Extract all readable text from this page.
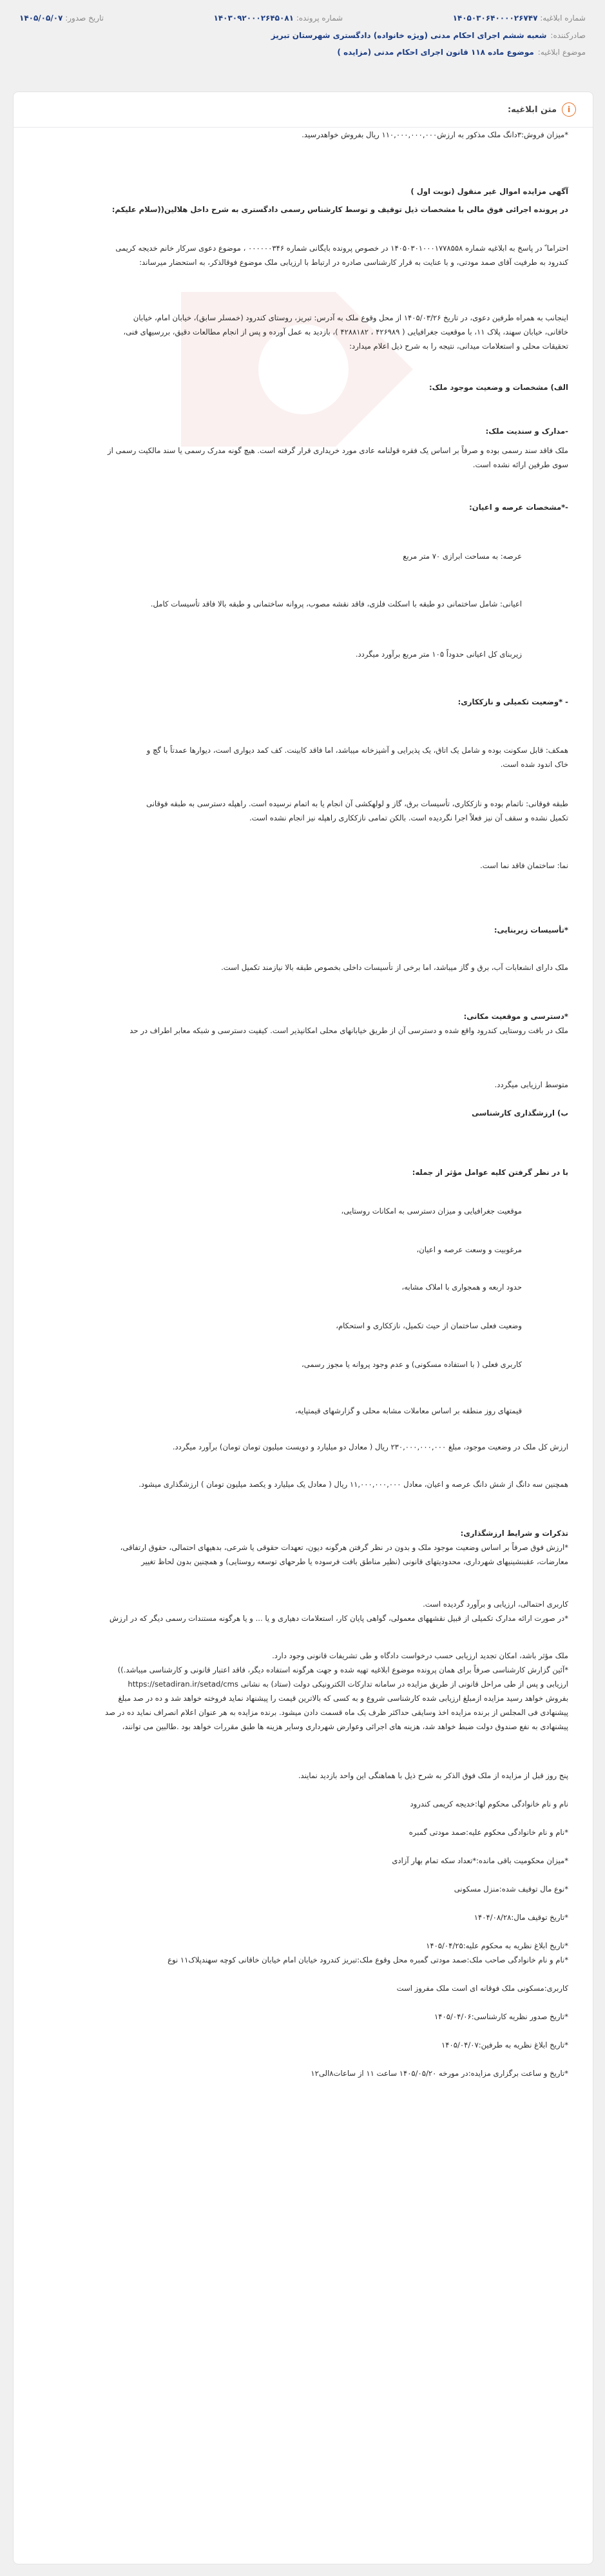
شماره ابلاغیه: ۱۴۰۵۰۳۰۶۴۰۰۰۰۲۶۷۴۷
شماره پرونده: ۱۴۰۳۰۹۲۰۰۰۲۶۴۵۰۸۱
تاریخ صدور: ۱۴۰۵/۰۵/۰۷
صادرکننده:
شعبه ششم اجرای احکام مدنی (ویژه خانواده) دادگستری شهرستان تبریز
موضوع ابلاغیه:
موضوع ماده ۱۱۸ قانون اجرای احکام مدنی (مزایده )
i
متن ابلاغیه:
آگهی مزایده اموال غیر منقول (نوبت اول )
در پرونده اجرائی فوق مالی با مشخصات ذیل توقیف و توسط کارشناس رسمی دادگستری به شرح داخل هلالین((سلام علیکم:
احتراما ً در پاسخ به ابلاغیه شماره ۱۴۰۵۰۳۰۱۰۰۰۱۷۷۸۵۵۸ در خصوص پرونده بایگانی شماره ۰۰۰۰۰۰۳۴۶ ، موضوع دعوی سرکار خانم خدیجه کریمی
کندرود به طرفیت آقای صمد مودتی، و با عنایت به قرار کارشناسی صادره در ارتباط با ارزیابی ملک موضوع فوقالذکر، به استحضار میرساند:
اینجانب به همراه طرفین دعوی، در تاریخ ۱۴۰۵/۰۳/۲۶ از محل وقوع ملک به آدرس: تبریز، روستای کندرود (خمسلر سابق)، خیابان امام، خیابان
خاقانی، خیابان سهند، پلاک ۱۱، با موقعیت جغرافیایی ( ۴۲۶۹۸۹ ، ۴۲۸۸۱۸۲ )، بازدید به عمل آورده و پس از انجام مطالعات دقیق، بررسیهای فنی،
تحقیقات محلی و استعلامات میدانی، نتیجه را به شرح ذیل اعلام میدارد:
الف) مشخصات و وضعیت موجود ملک:
-مدارک و سندیت ملک:
ملک فاقد سند رسمی بوده و صرفاً بر اساس یک فقره قولنامه عادی مورد خریداری قرار گرفته است. هیچ گونه مدرک رسمی یا سند مالکیت رسمی از
سوی طرفین ارائه نشده است.
-*مشخصات عرصه و اعیان:
عرصه: به مساحت ابرازی ۷۰ متر مربع
اعیانی: شامل ساختمانی دو طبقه با اسکلت فلزی، فاقد نقشه مصوب، پروانه ساختمانی و طبقه بالا فاقد تأسیسات کامل.
زیربنای کل اعیانی حدوداً ۱۰۵ متر مربع برآورد میگردد.
- *وضعیت تکمیلی و نازککاری:
همکف: قابل سکونت بوده و شامل یک اتاق، یک پذیرایی و آشپزخانه میباشد، اما فاقد کابینت. کف کمد دیواری است، دیوارها عمدتاً با گچ و
خاک اندود شده است.
طبقه فوقانی: ناتمام بوده و نازککاری، تأسیسات برق، گاز و لولهکشی آن انجام یا به اتمام نرسیده است. راهپله دسترسی به طبقه فوقانی
تکمیل نشده و سقف آن نیز فعلاً اجرا نگردیده است. بالکن تمامی نازککاری راهپله نیز انجام نشده است.
نما: ساختمان فاقد نما است.
*تأسیسات زیربنایی:
ملک دارای انشعابات آب، برق و گاز میباشد، اما برخی از تأسیسات داخلی بخصوص طبقه بالا نیازمند تکمیل است.
*دسترسی و موقعیت مکانی:
ملک در بافت روستایی کندرود واقع شده و دسترسی آن از طریق خیابانهای محلی امکانپذیر است. کیفیت دسترسی و شبکه معابر اطراف در حد
متوسط ارزیابی میگردد.
ب) ارزشگذاری کارشناسی
با در نظر گرفتن کلیه عوامل مؤثر از جمله:
موقعیت جغرافیایی و میزان دسترسی به امکانات روستایی،
مرغوبیت و وسعت عرصه و اعیان،
حدود اربعه و همجواری با املاک مشابه،
وضعیت فعلی ساختمان از حیث تکمیل، نازککاری و استحکام،
کاربری فعلی ( با استفاده مسکونی) و عدم وجود پروانه یا مجوز رسمی،
قیمتهای روز منطقه بر اساس معاملات مشابه محلی و گزارشهای قیمتپایه،
ارزش کل ملک در وضعیت موجود، مبلغ ۲۳۰,۰۰۰,۰۰۰,۰۰۰ ریال ( معادل دو میلیارد و دویست میلیون تومان تومان) برآورد میگردد.
همچنین سه دانگ از شش دانگ عرصه و اعیان، معادل ۱۱,۰۰۰,۰۰۰,۰۰۰ ریال ( معادل یک میلیارد و یکصد میلیون تومان ) ارزشگذاری میشود.
تذکرات و شرایط ارزشگذاری:
*ارزش فوق صرفاً بر اساس وضعیت موجود ملک و بدون در نظر گرفتن هرگونه دیون، تعهدات حقوقی یا شرعی، بدهیهای احتمالی، حقوق ارتفاقی،
معارضات، عقبنشینیهای شهرداری، محدودیتهای قانونی (نظیر مناطق بافت فرسوده یا طرحهای توسعه روستایی) و همچنین بدون لحاظ تغییر
کاربری احتمالی، ارزیابی و برآورد گردیده است.
*در صورت ارائه مدارک تکمیلی از قبیل نقشههای معمولی، گواهی پایان کار، استعلامات دهیاری و یا ... و یا هرگونه مستندات رسمی دیگر که در ارزش
ملک مؤثر باشد، امکان تجدید ارزیابی حسب درخواست دادگاه و طی تشریفات قانونی وجود دارد.
*آئین گزارش کارشناسی صرفاً برای همان پرونده موضوع ابلاغیه تهیه شده و جهت هرگونه استفاده دیگر، فاقد اعتبار قانونی و کارشناسی میباشد.))
ارزیابی و پس از طی مراحل قانونی از طریق مزایده در سامانه تدارکات الکترونیکی دولت (ستاد) به نشانی https://setadiran.ir/setad/cms
بفروش خواهد رسید مزایده ازمبلغ ارزیابی شده کارشناسی شروع و به کسی که بالاترین قیمت را پیشنهاد نماید فروخته خواهد شد و ده در صد مبلغ
پیشنهادی فی المجلس از برنده مزایده اخذ وسایقی حداکثر ظرف یک ماه قسمت دادن میشود. برنده مزایده به هر عنوان اعلام انصراف نماید ده در صد
پیشنهادی به نفع صندوق دولت ضبط خواهد شد، هزینه های اجرائی وعوارض شهرداری وسایر هزینه ها طبق مقررات خواهد بود .طالبین می توانند،
پنج روز قبل از مزایده از ملک فوق الذکر به شرح ذیل با هماهنگی این واحد بازدید نمایند.
نام و نام خانوادگی محکوم لها:خدیجه کریمی کندرود
*نام و نام خانوادگی محکوم علیه:صمد مودتی گمبره
*میزان محکومیت باقی مانده:*تعداد سکه تمام بهار آزادی
*نوع مال توقیف شده:منزل مسکونی
*تاریخ توقیف مال:۱۴۰۴/۰۸/۲۸
*تاریخ ابلاغ نظریه به محکوم علیه:۱۴۰۵/۰۴/۲۵
*نام و نام خانوادگی صاحب ملک:صمد مودتی گمبره محل وقوع ملک:تبریز کندرود خیابان امام خیابان خاقانی کوچه سهندپلاک۱۱ نوع
کاربری:مسکونی ملک فوقانه ای است ملک مفروز است
*تاریخ صدور نظریه کارشناسی:۱۴۰۵/۰۴/۰۶
*تاریخ ابلاغ نظریه به طرفین:۱۴۰۵/۰۴/۰۷
*تاریخ و ساعت برگزاری مزایده:در مورخه ۱۴۰۵/۰۵/۲۰ ساعت ۱۱ از ساعات۸الی۱۲
*میزان فروش:۳دانگ ملک مذکور به ارزش۱۱۰,۰۰۰,۰۰۰,۰۰۰ ریال بفروش خواهدرسید.
